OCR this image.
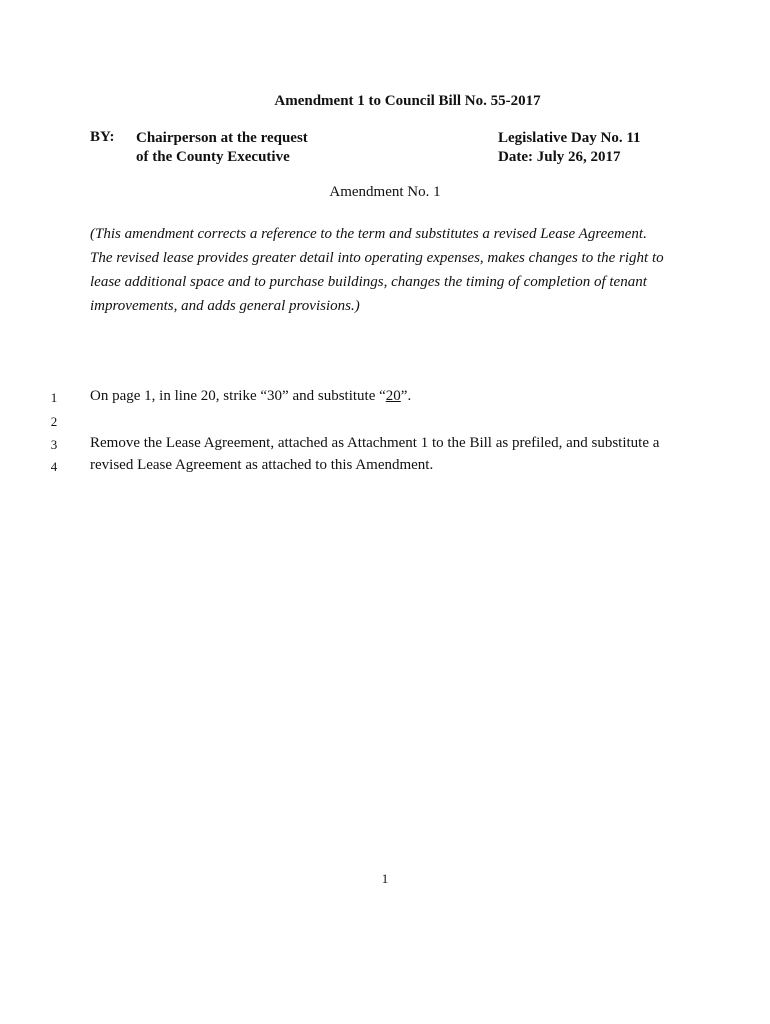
Amendment 1 to Council Bill No. 55-2017
BY: Chairperson at the request
of the County Executive
Legislative Day No. 11
Date: July 26, 2017
Amendment No. 1
(This amendment corrects a reference to the term and substitutes a revised Lease Agreement.
The revised lease provides greater detail into operating expenses, makes changes to the right to
lease additional space and to purchase buildings, changes the timing of completion of tenant
improvements, and adds general provisions.)
1	On page 1, in line 20, strike “30” and substitute “20”.
2
3	Remove the Lease Agreement, attached as Attachment 1 to the Bill as prefiled, and substitute a
4	revised Lease Agreement as attached to this Amendment.
1
